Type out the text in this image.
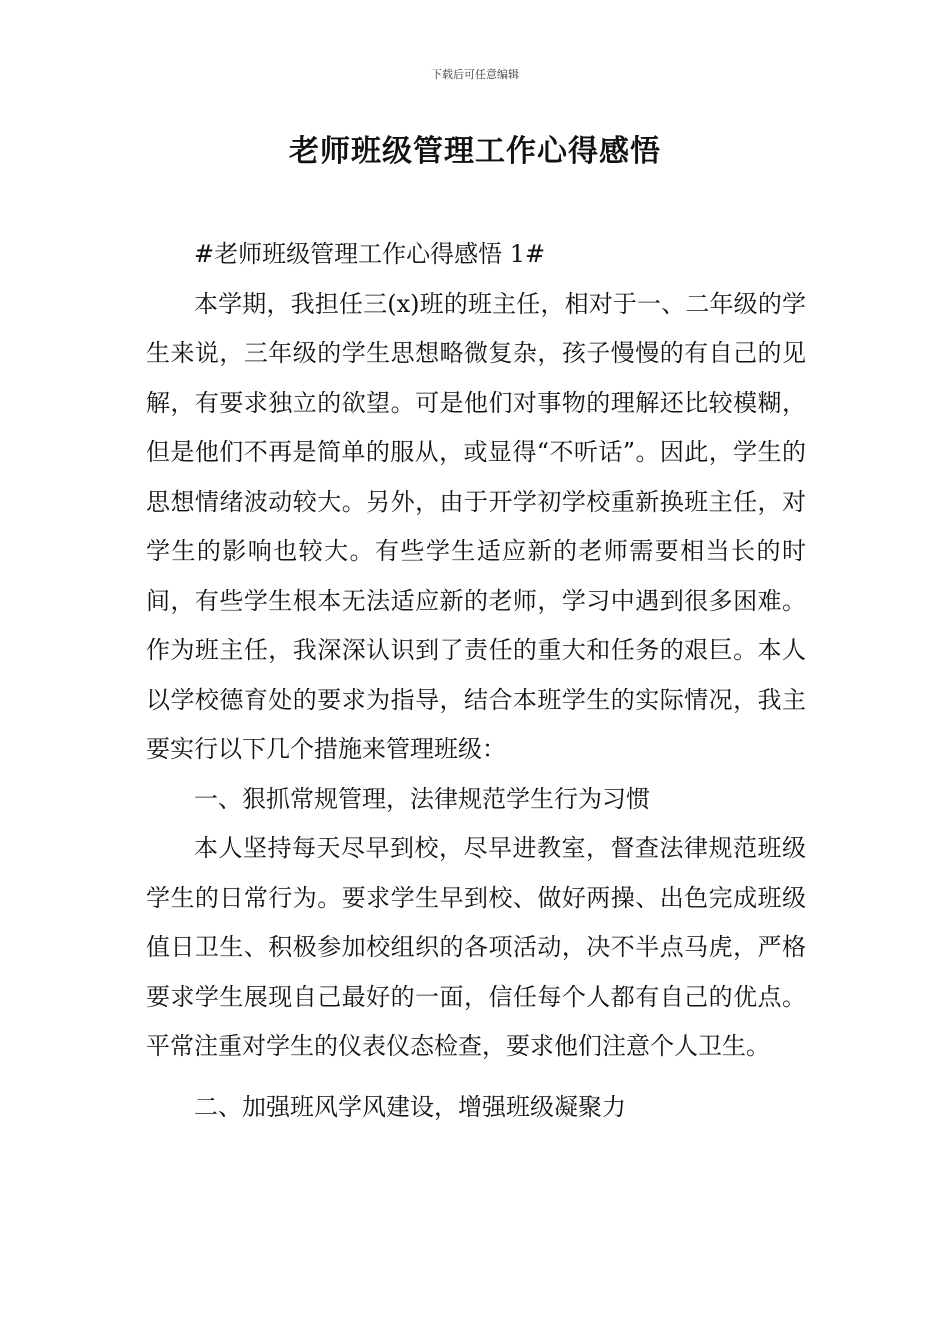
下载后可任意编辑
老师班级管理工作心得感悟

#老师班级管理工作心得感悟 1#

本学期，我担任三(x)班的班主任，相对于一、二年级的学生来说，三年级的学生思想略微复杂，孩子慢慢的有自己的见解，有要求独立的欲望。可是他们对事物的理解还比较模糊，但是他们不再是简单的服从，或显得“不听话”。因此，学生的思想情绪波动较大。另外，由于开学初学校重新换班主任，对学生的影响也较大。有些学生适应新的老师需要相当长的时间，有些学生根本无法适应新的老师，学习中遇到很多困难。作为班主任，我深深认识到了责任的重大和任务的艰巨。本人以学校德育处的要求为指导，结合本班学生的实际情况，我主要实行以下几个措施来管理班级：

一、狠抓常规管理，法律规范学生行为习惯

本人坚持每天尽早到校，尽早进教室，督查法律规范班级学生的日常行为。要求学生早到校、做好两操、出色完成班级值日卫生、积极参加校组织的各项活动，决不半点马虎，严格要求学生展现自己最好的一面，信任每个人都有自己的优点。平常注重对学生的仪表仪态检查，要求他们注意个人卫生。

二、加强班风学风建设，增强班级凝聚力
